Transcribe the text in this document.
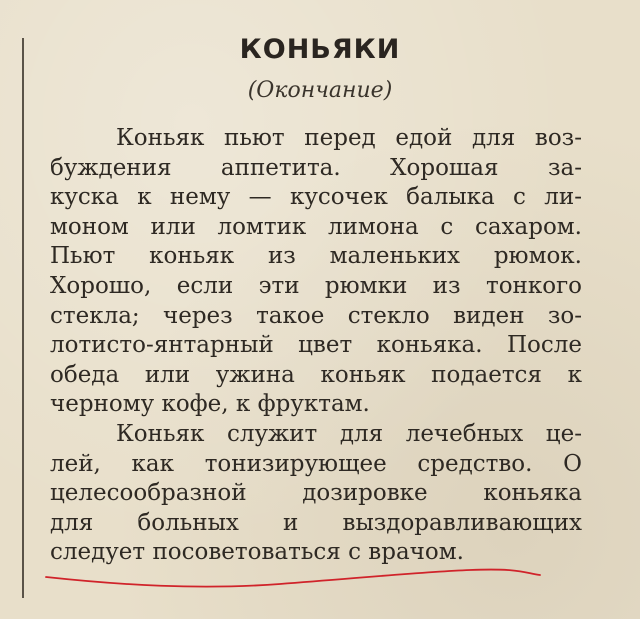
КОНЬЯКИ
(Окончание)
Коньяк пьют перед едой для воз-
буждения аппетита. Хорошая за-
куска к нему — кусочек балыка с ли-
моном или ломтик лимона с сахаром.
Пьют коньяк из маленьких рюмок.
Хорошо, если эти рюмки из тонкого
стекла; через такое стекло виден зо-
лотисто-янтарный цвет коньяка. После
обеда или ужина коньяк подается к
черному кофе, к фруктам.
Коньяк служит для лечебных це-
лей, как тонизирующее средство. О
целесообразной дозировке коньяка
для больных и выздоравливающих
следует посоветоваться с врачом.
